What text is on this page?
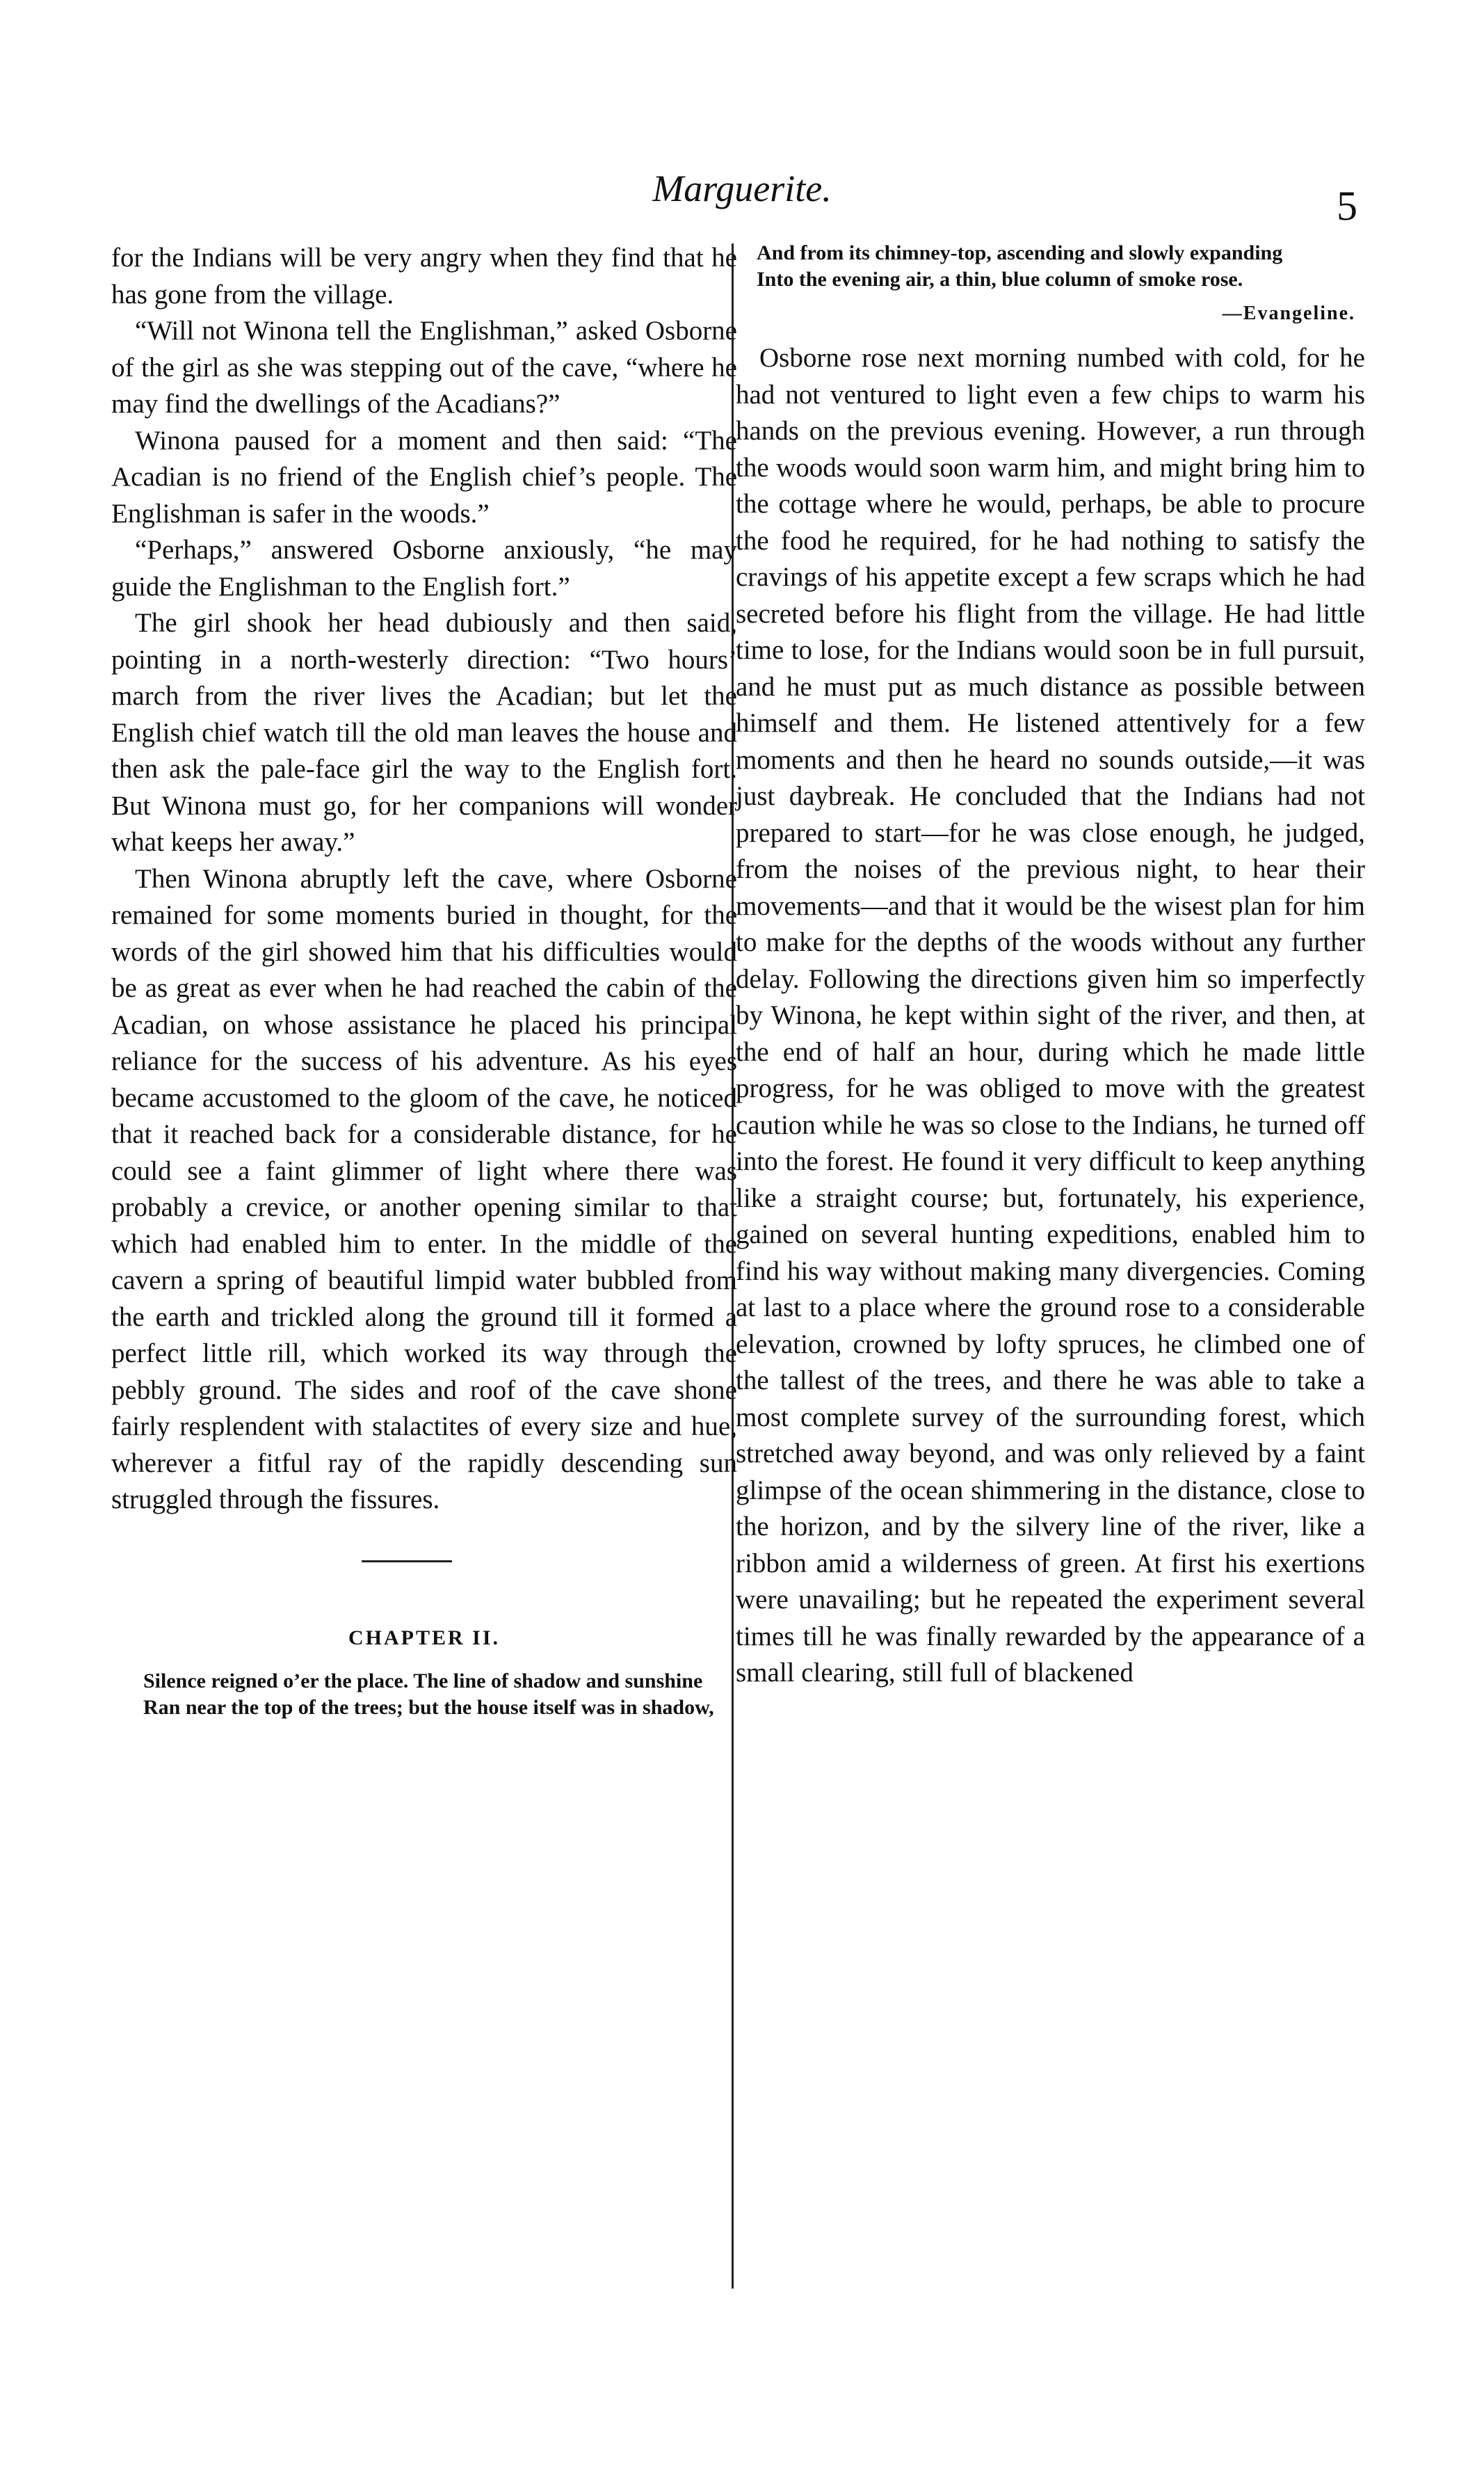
Marguerite.	5

for the Indians will be very angry when they find that he has gone from the village.

“Will not Winona tell the Englishman,” asked Osborne of the girl as she was stepping out of the cave, “where he may find the dwellings of the Acadians?”

Winona paused for a moment and then said: “The Acadian is no friend of the English chief’s people. The Englishman is safer in the woods.”

“Perhaps,” answered Osborne anxiously, “he may guide the Englishman to the English fort.”

The girl shook her head dubiously and then said, pointing in a north-westerly direction: “Two hours’ march from the river lives the Acadian; but let the English chief watch till the old man leaves the house and then ask the pale-face girl the way to the English fort. But Winona must go, for her companions will wonder what keeps her away.”

Then Winona abruptly left the cave, where Osborne remained for some moments buried in thought, for the words of the girl showed him that his difficulties would be as great as ever when he had reached the cabin of the Acadian, on whose assistance he placed his principal reliance for the success of his adventure. As his eyes became accustomed to the gloom of the cave, he noticed that it reached back for a considerable distance, for he could see a faint glimmer of light where there was probably a crevice, or another opening similar to that which had enabled him to enter. In the middle of the cavern a spring of beautiful limpid water bubbled from the earth and trickled along the ground till it formed a perfect little rill, which worked its way through the pebbly ground. The sides and roof of the cave shone fairly resplendent with stalactites of every size and hue, wherever a fitful ray of the rapidly descending sun struggled through the fissures.

CHAPTER II.
Silence reigned o’er the place. The line of shadow and sunshine
Ran near the top of the trees; but the house itself was in shadow,
And from its chimney-top, ascending and slowly expanding
Into the evening air, a thin, blue column of smoke rose.
—Evangeline.

Osborne rose next morning numbed with cold, for he had not ventured to light even a few chips to warm his hands on the previous evening. However, a run through the woods would soon warm him, and might bring him to the cottage where he would, perhaps, be able to procure the food he required, for he had nothing to satisfy the cravings of his appetite except a few scraps which he had secreted before his flight from the village. He had little time to lose, for the Indians would soon be in full pursuit, and he must put as much distance as possible between himself and them. He listened attentively for a few moments and then he heard no sounds outside,—it was just daybreak. He concluded that the Indians had not prepared to start—for he was close enough, he judged, from the noises of the previous night, to hear their movements—and that it would be the wisest plan for him to make for the depths of the woods without any further delay. Following the directions given him so imperfectly by Winona, he kept within sight of the river, and then, at the end of half an hour, during which he made little progress, for he was obliged to move with the greatest caution while he was so close to the Indians, he turned off into the forest. He found it very difficult to keep anything like a straight course; but, fortunately, his experience, gained on several hunting expeditions, enabled him to find his way without making many divergencies. Coming at last to a place where the ground rose to a considerable elevation, crowned by lofty spruces, he climbed one of the tallest of the trees, and there he was able to take a most complete survey of the surrounding forest, which stretched away beyond, and was only relieved by a faint glimpse of the ocean shimmering in the distance, close to the horizon, and by the silvery line of the river, like a ribbon amid a wilderness of green. At first his exertions were unavailing; but he repeated the experiment several times till he was finally rewarded by the appearance of a small clearing, still full of blackened
